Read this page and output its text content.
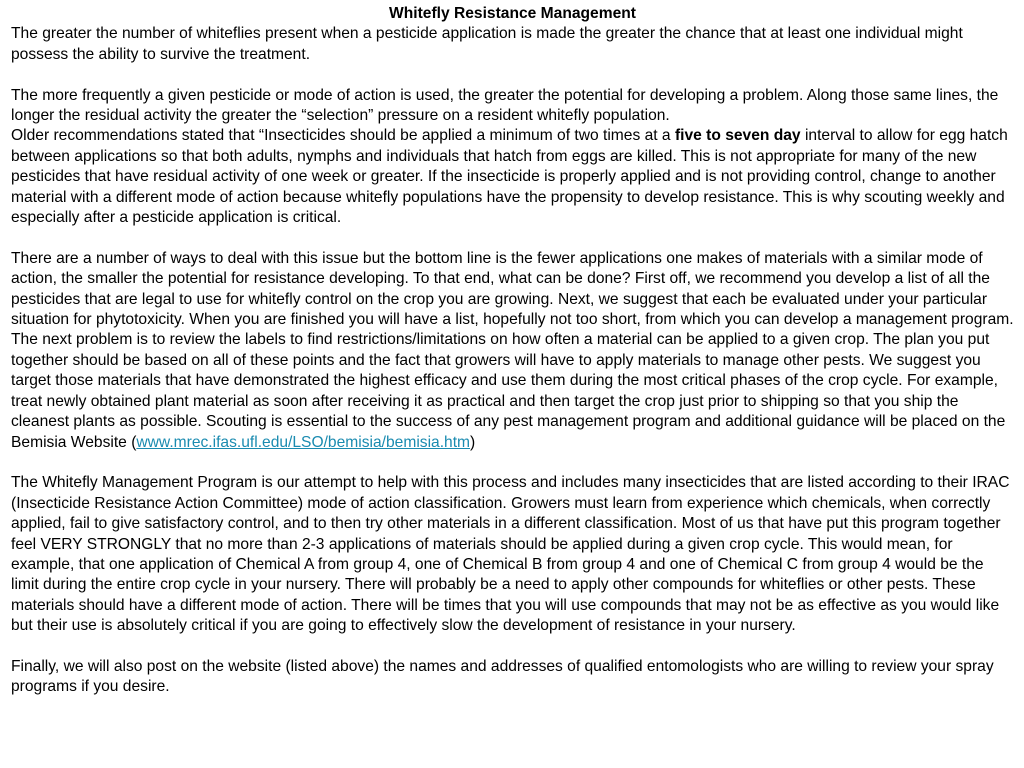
Whitefly Resistance Management

The greater the number of whiteflies present when a pesticide application is made the greater the chance that at least one individual might possess the ability to survive the treatment.

The more frequently a given pesticide or mode of action is used, the greater the potential for developing a problem. Along those same lines, the longer the residual activity the greater the “selection” pressure on a resident whitefly population.

Older recommendations stated that “Insecticides should be applied a minimum of two times at a five to seven day interval to allow for egg hatch between applications so that both adults, nymphs and individuals that hatch from eggs are killed. This is not appropriate for many of the new pesticides that have residual activity of one week or greater. If the insecticide is properly applied and is not providing control, change to another material with a different mode of action because whitefly populations have the propensity to develop resistance. This is why scouting weekly and especially after a pesticide application is critical.

There are a number of ways to deal with this issue but the bottom line is the fewer applications one makes of materials with a similar mode of action, the smaller the potential for resistance developing. To that end, what can be done? First off, we recommend you develop a list of all the pesticides that are legal to use for whitefly control on the crop you are growing. Next, we suggest that each be evaluated under your particular situation for phytotoxicity. When you are finished you will have a list, hopefully not too short, from which you can develop a management program. The next problem is to review the labels to find restrictions/limitations on how often a material can be applied to a given crop. The plan you put together should be based on all of these points and the fact that growers will have to apply materials to manage other pests. We suggest you target those materials that have demonstrated the highest efficacy and use them during the most critical phases of the crop cycle. For example, treat newly obtained plant material as soon after receiving it as practical and then target the crop just prior to shipping so that you ship the cleanest plants as possible. Scouting is essential to the success of any pest management program and additional guidance will be placed on the Bemisia Website (www.mrec.ifas.ufl.edu/LSO/bemisia/bemisia.htm)

The Whitefly Management Program is our attempt to help with this process and includes many insecticides that are listed according to their IRAC (Insecticide Resistance Action Committee) mode of action classification. Growers must learn from experience which chemicals, when correctly applied, fail to give satisfactory control, and to then try other materials in a different classification. Most of us that have put this program together feel VERY STRONGLY that no more than 2-3 applications of materials should be applied during a given crop cycle. This would mean, for example, that one application of Chemical A from group 4, one of Chemical B from group 4 and one of Chemical C from group 4 would be the limit during the entire crop cycle in your nursery. There will probably be a need to apply other compounds for whiteflies or other pests. These materials should have a different mode of action. There will be times that you will use compounds that may not be as effective as you would like but their use is absolutely critical if you are going to effectively slow the development of resistance in your nursery.

Finally, we will also post on the website (listed above) the names and addresses of qualified entomologists who are willing to review your spray programs if you desire.
